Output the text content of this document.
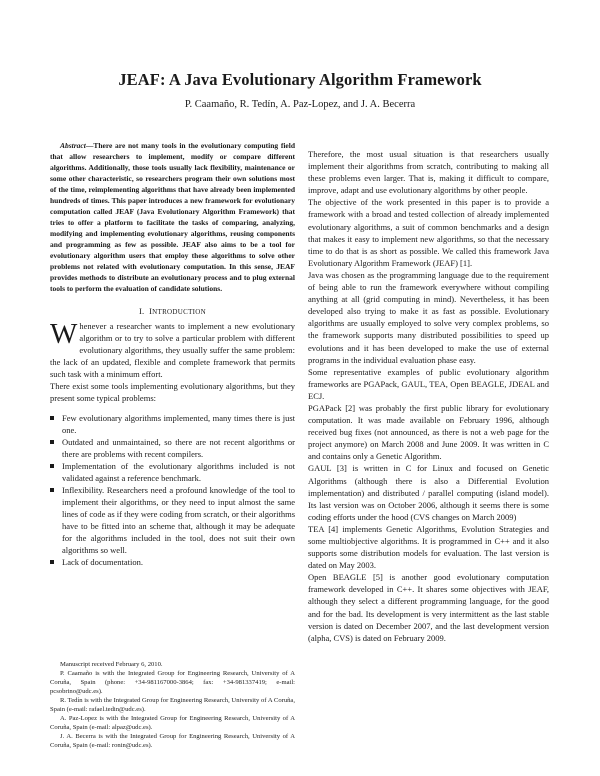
JEAF: A Java Evolutionary Algorithm Framework
P. Caamaño, R. Tedín, A. Paz-Lopez, and J. A. Becerra

Abstract—There are not many tools in the evolutionary computing field that allow researchers to implement, modify or compare different algorithms. Additionally, those tools usually lack flexibility, maintenance or some other characteristic, so researchers program their own solutions most of the time, reimplementing algorithms that have already been implemented hundreds of times. This paper introduces a new framework for evolutionary computation called JEAF (Java Evolutionary Algorithm Framework) that tries to offer a platform to facilitate the tasks of comparing, analyzing, modifying and implementing evolutionary algorithms, reusing components and programming as few as possible. JEAF also aims to be a tool for evolutionary algorithm users that employ these algorithms to solve other problems not related with evolutionary computation. In this sense, JEAF provides methods to distribute an evolutionary process and to plug external tools to perform the evaluation of candidate solutions.

I. INTRODUCTION

Whenever a researcher wants to implement a new evolutionary algorithm or to try to solve a particular problem with different evolutionary algorithms, they usually suffer the same problem: the lack of an updated, flexible and complete framework that permits such task with a minimum effort.

There exist some tools implementing evolutionary algorithms, but they present some typical problems:

Few evolutionary algorithms implemented, many times there is just one.
Outdated and unmaintained, so there are not recent algorithms or there are problems with recent compilers.
Implementation of the evolutionary algorithms included is not validated against a reference benchmark.
Inflexibility. Researchers need a profound knowledge of the tool to implement their algorithms, or they need to input almost the same lines of code as if they were coding from scratch, or their algorithms have to be fitted into an scheme that, although it may be adequate for the algorithms included in the tool, does not suit their own algorithms so well.
Lack of documentation.

Manuscript received February 6, 2010.

P. Caamaño is with the Integrated Group for Engineering Research, University of A Coruña, Spain (phone: +34-981167000-3864; fax: +34-981337419; e-mail: pcsobrino@udc.es).

R. Tedín is with the Integrated Group for Engineering Research, University of A Coruña, Spain (e-mail: rafael.tedin@udc.es).

A. Paz-Lopez is with the Integrated Group for Engineering Research, University of A Coruña, Spain (e-mail: alpaz@udc.es).

J. A. Becerra is with the Integrated Group for Engineering Research, University of A Coruña, Spain (e-mail: ronin@udc.es).

Therefore, the most usual situation is that researchers usually implement their algorithms from scratch, contributing to making all these problems even larger. That is, making it difficult to compare, improve, adapt and use evolutionary algorithms by other people.

The objective of the work presented in this paper is to provide a framework with a broad and tested collection of already implemented evolutionary algorithms, a suit of common benchmarks and a design that makes it easy to implement new algorithms, so that the necessary time to do that is as short as possible. We called this framework Java Evolutionary Algorithm Framework (JEAF) [1].

Java was chosen as the programming language due to the requirement of being able to run the framework everywhere without compiling anything at all (grid computing in mind). Nevertheless, it has been developed also trying to make it as fast as possible. Evolutionary algorithms are usually employed to solve very complex problems, so the framework supports many distributed possibilities to speed up evolutions and it has been developed to make the use of external programs in the individual evaluation phase easy.

Some representative examples of public evolutionary algorithm frameworks are PGAPack, GAUL, TEA, Open BEAGLE, JDEAL and ECJ.

PGAPack [2] was probably the first public library for evolutionary computation. It was made available on February 1996, although received bug fixes (not announced, as there is not a web page for the project anymore) on March 2008 and June 2009. It was written in C and contains only a Genetic Algorithm.

GAUL [3] is written in C for Linux and focused on Genetic Algorithms (although there is also a Differential Evolution implementation) and distributed / parallel computing (island model). Its last version was on October 2006, although it seems there is some coding efforts under the hood (CVS changes on March 2009)

TEA [4] implements Genetic Algorithms, Evolution Strategies and some multiobjective algorithms. It is programmed in C++ and it also supports some distribution models for evaluation. The last version is dated on May 2003.

Open BEAGLE [5] is another good evolutionary computation framework developed in C++. It shares some objectives with JEAF, although they select a different programming language, for the good and for the bad. Its development is very intermittent as the last stable version is dated on December 2007, and the last development version (alpha, CVS) is dated on February 2009.
